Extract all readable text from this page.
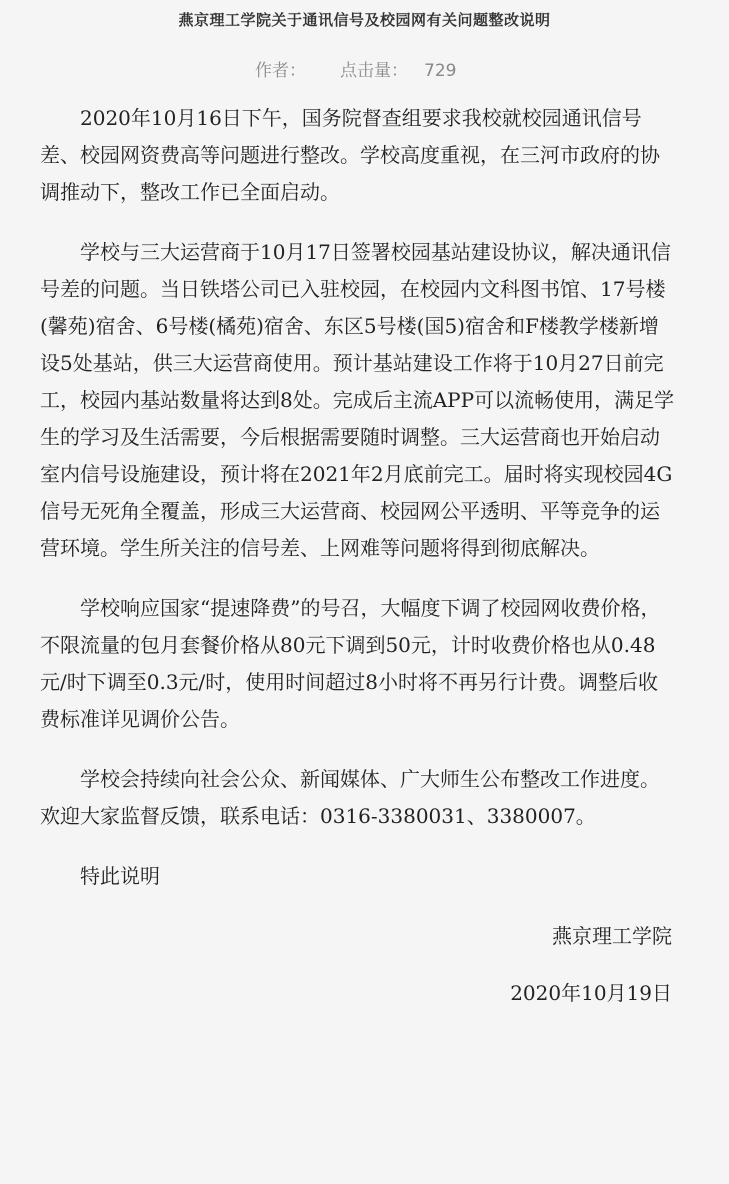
燕京理工学院关于通讯信号及校园网有关问题整改说明
作者： 点击量： 729

2020年10月16日下午，国务院督查组要求我校就校园通讯信号差、校园网资费高等问题进行整改。学校高度重视，在三河市政府的协调推动下，整改工作已全面启动。

学校与三大运营商于10月17日签署校园基站建设协议，解决通讯信号差的问题。当日铁塔公司已入驻校园，在校园内文科图书馆、17号楼(馨苑)宿舍、6号楼(橘苑)宿舍、东区5号楼(国5)宿舍和F楼教学楼新增设5处基站，供三大运营商使用。预计基站建设工作将于10月27日前完工，校园内基站数量将达到8处。完成后主流APP可以流畅使用，满足学生的学习及生活需要，今后根据需要随时调整。三大运营商也开始启动室内信号设施建设，预计将在2021年2月底前完工。届时将实现校园4G信号无死角全覆盖，形成三大运营商、校园网公平透明、平等竞争的运营环境。学生所关注的信号差、上网难等问题将得到彻底解决。

学校响应国家“提速降费”的号召，大幅度下调了校园网收费价格，不限流量的包月套餐价格从80元下调到50元，计时收费价格也从0.48元/时下调至0.3元/时，使用时间超过8小时将不再另行计费。调整后收费标准详见调价公告。

学校会持续向社会公众、新闻媒体、广大师生公布整改工作进度。欢迎大家监督反馈，联系电话：0316-3380031、3380007。

特此说明

燕京理工学院

2020年10月19日
